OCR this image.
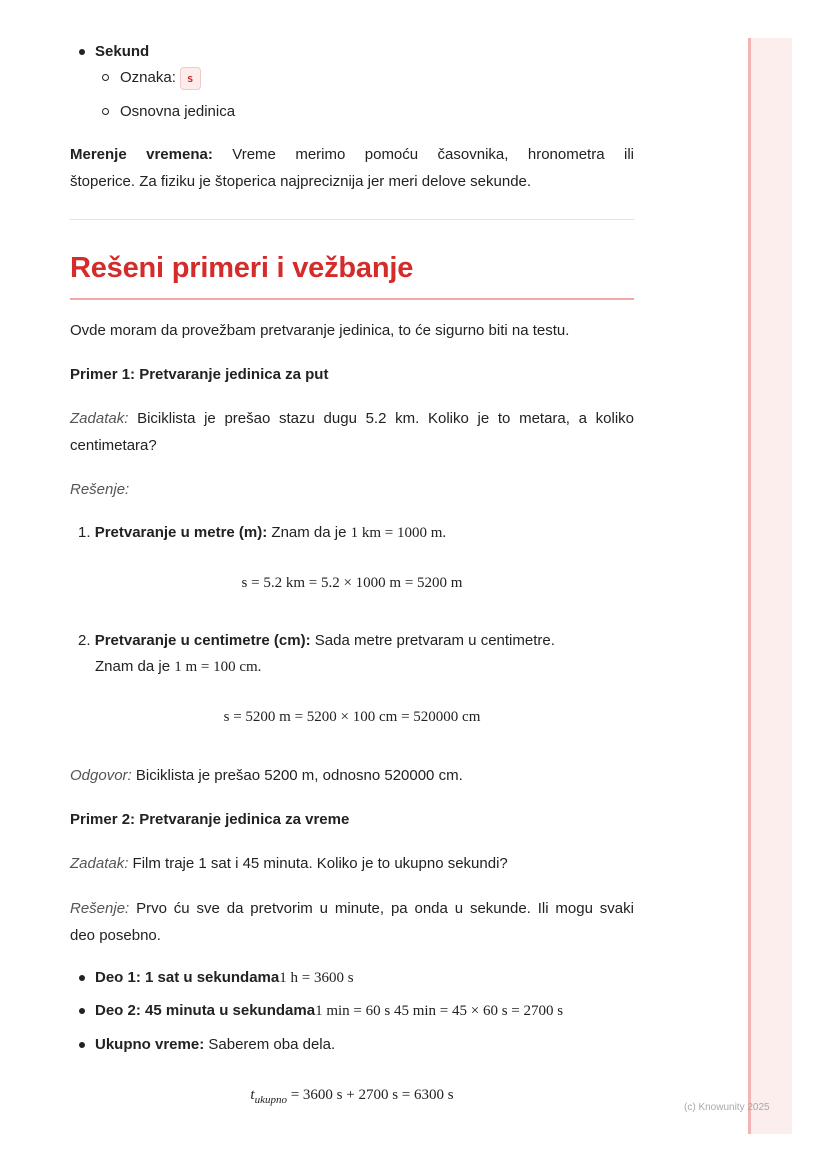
Sekund

Oznaka: s

Osnovna jedinica

Merenje vremena: Vreme merimo pomoću časovnika, hronometra ili

štoperice. Za fiziku je štoperica najpreciznija jer meri delove sekunde.

Rešeni primeri i vežbanje

Ovde moram da provežbam pretvaranje jedinica, to će sigurno biti na testu.

Primer 1: Pretvaranje jedinica za put

Zadatak: Biciklista je prešao stazu dugu 5.2 km. Koliko je to metara, a koliko

centimetara?

Rešenje:

1. Pretvaranje u metre (m): Znam da je 1 km = 1000 m.

s = 5.2 km = 5.2 × 1000 m = 5200 m

2. Pretvaranje u centimetre (cm): Sada metre pretvaram u centimetre.

Znam da je 1 m = 100 cm.

s = 5200 m = 5200 × 100 cm = 520000 cm

Odgovor: Biciklista je prešao 5200 m, odnosno 520000 cm.

Primer 2: Pretvaranje jedinica za vreme

Zadatak: Film traje 1 sat i 45 minuta. Koliko je to ukupno sekundi?

Rešenje: Prvo ću sve da pretvorim u minute, pa onda u sekunde. Ili mogu svaki

deo posebno.

Deo 1: 1 sat u sekundama1 h = 3600 s

Deo 2: 45 minuta u sekundama1 min = 60 s 45 min = 45 × 60 s = 2700 s

Ukupno vreme: Saberem oba dela.

$t_{ukupno} = 3600$ s + 2700 s = 6300 s

(c) Knowunity 2025
